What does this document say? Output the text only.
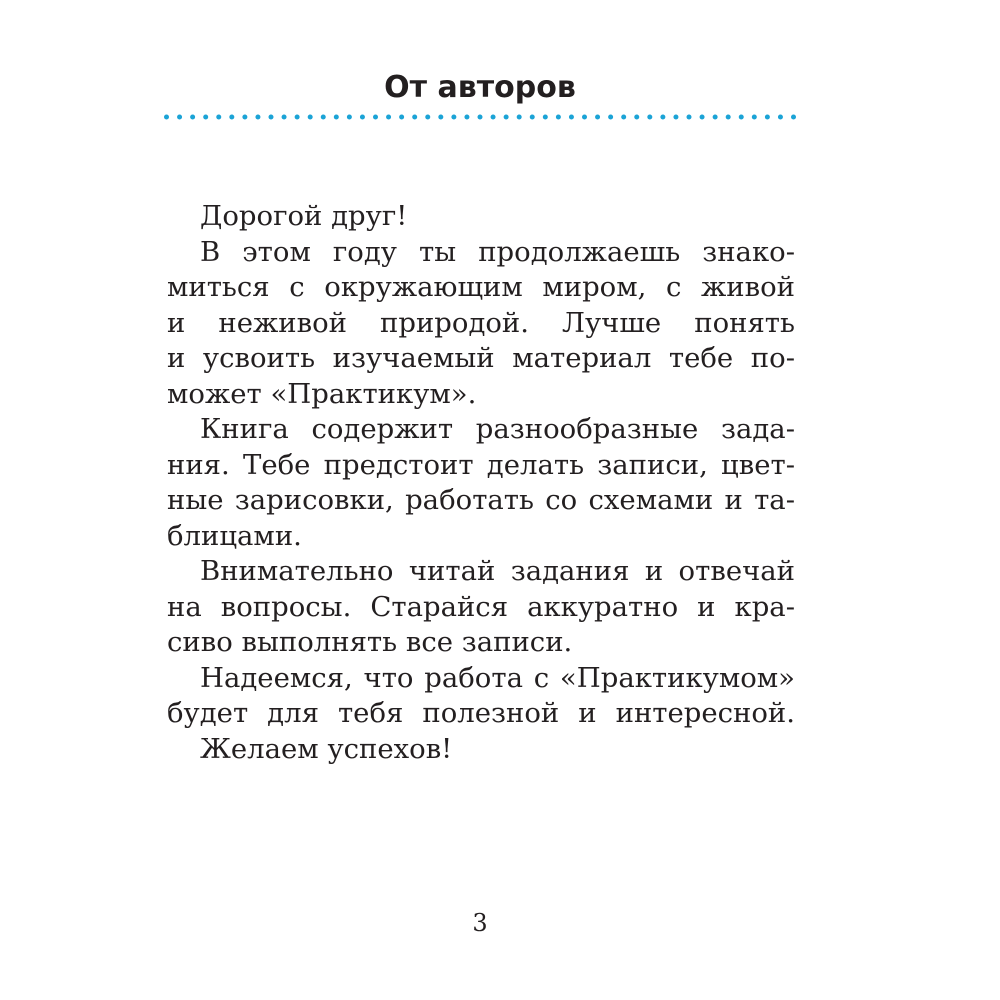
От авторов
Дорогой друг!
В этом году ты продолжаешь знако-
миться с окружающим миром, с живой
и неживой природой. Лучше понять
и усвоить изучаемый материал тебе по-
может «Практикум».
Книга содержит разнообразные зада-
ния. Тебе предстоит делать записи, цвет-
ные зарисовки, работать со схемами и та-
блицами.
Внимательно читай задания и отвечай
на вопросы. Старайся аккуратно и кра-
сиво выполнять все записи.
Надеемся, что работа с «Практикумом»
будет для тебя полезной и интересной.
Желаем успехов!
3
